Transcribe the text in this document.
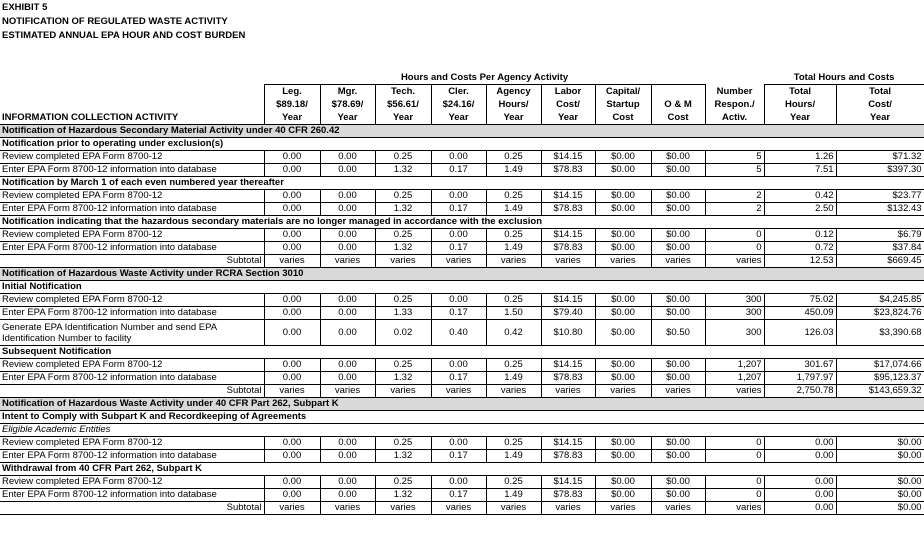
EXHIBIT 5
NOTIFICATION OF REGULATED WASTE ACTIVITY
ESTIMATED ANNUAL EPA HOUR AND COST BURDEN
	Hours and Costs Per Agency Activity									Total Hours and Costs	
	Leg.	Mgr.	Tech.	Cler.	Agency	Labor	Capital/		Number	Total	Total
	$89.18/	$78.69/	$56.61/	$24.16/	Hours/	Cost/	Startup	O & M	Respon./	Hours/	Cost/
INFORMATION COLLECTION ACTIVITY	Year	Year	Year	Year	Year	Year	Cost	Cost	Activ.	Year	Year
Notification of Hazardous Secondary Material Activity under 40 CFR 260.42											
Notification prior to operating under exclusion(s)											
Review completed EPA Form 8700-12	0.00	0.00	0.25	0.00	0.25	$14.15	$0.00	$0.00	5	1.26	$71.32
Enter EPA Form 8700-12 information into database	0.00	0.00	1.32	0.17	1.49	$78.83	$0.00	$0.00	5	7.51	$397.30
Notification by March 1 of each even numbered year thereafter											
Review completed EPA Form 8700-12	0.00	0.00	0.25	0.00	0.25	$14.15	$0.00	$0.00	2	0.42	$23.77
Enter EPA Form 8700-12 information into database	0.00	0.00	1.32	0.17	1.49	$78.83	$0.00	$0.00	2	2.50	$132.43
Notification indicating that the hazardous secondary materials are no longer managed in accordance with the exclusion											
Review completed EPA Form 8700-12	0.00	0.00	0.25	0.00	0.25	$14.15	$0.00	$0.00	0	0.12	$6.79
Enter EPA Form 8700-12 information into database	0.00	0.00	1.32	0.17	1.49	$78.83	$0.00	$0.00	0	0.72	$37.84
Subtotal	varies	varies	varies	varies	varies	varies	varies	varies	varies	12.53	$669.45
Notification of Hazardous Waste Activity under RCRA Section 3010											
Initial Notification											
Review completed EPA Form 8700-12	0.00	0.00	0.25	0.00	0.25	$14.15	$0.00	$0.00	300	75.02	$4,245.85
Enter EPA Form 8700-12 information into database	0.00	0.00	1.33	0.17	1.50	$79.40	$0.00	$0.00	300	450.09	$23,824.76
Generate EPA Identification Number and send EPA Identification Number to facility	0.00	0.00	0.02	0.40	0.42	$10.80	$0.00	$0.50	300	126.03	$3,390.68
Subsequent Notification											
Review completed EPA Form 8700-12	0.00	0.00	0.25	0.00	0.25	$14.15	$0.00	$0.00	1,207	301.67	$17,074.66
Enter EPA Form 8700-12 information into database	0.00	0.00	1.32	0.17	1.49	$78.83	$0.00	$0.00	1,207	1,797.97	$95,123.37
Subtotal	varies	varies	varies	varies	varies	varies	varies	varies	varies	2,750.78	$143,659.32
Notification of Hazardous Waste Activity under 40 CFR Part 262, Subpart K											
Intent to Comply with Subpart K and Recordkeeping of Agreements											
Eligible Academic Entities											
Review completed EPA Form 8700-12	0.00	0.00	0.25	0.00	0.25	$14.15	$0.00	$0.00	0	0.00	$0.00
Enter EPA Form 8700-12 information into database	0.00	0.00	1.32	0.17	1.49	$78.83	$0.00	$0.00	0	0.00	$0.00
Withdrawal from 40 CFR Part 262, Subpart K											
Review completed EPA Form 8700-12	0.00	0.00	0.25	0.00	0.25	$14.15	$0.00	$0.00	0	0.00	$0.00
Enter EPA Form 8700-12 information into database	0.00	0.00	1.32	0.17	1.49	$78.83	$0.00	$0.00	0	0.00	$0.00
Subtotal	varies	varies	varies	varies	varies	varies	varies	varies	varies	0.00	$0.00
